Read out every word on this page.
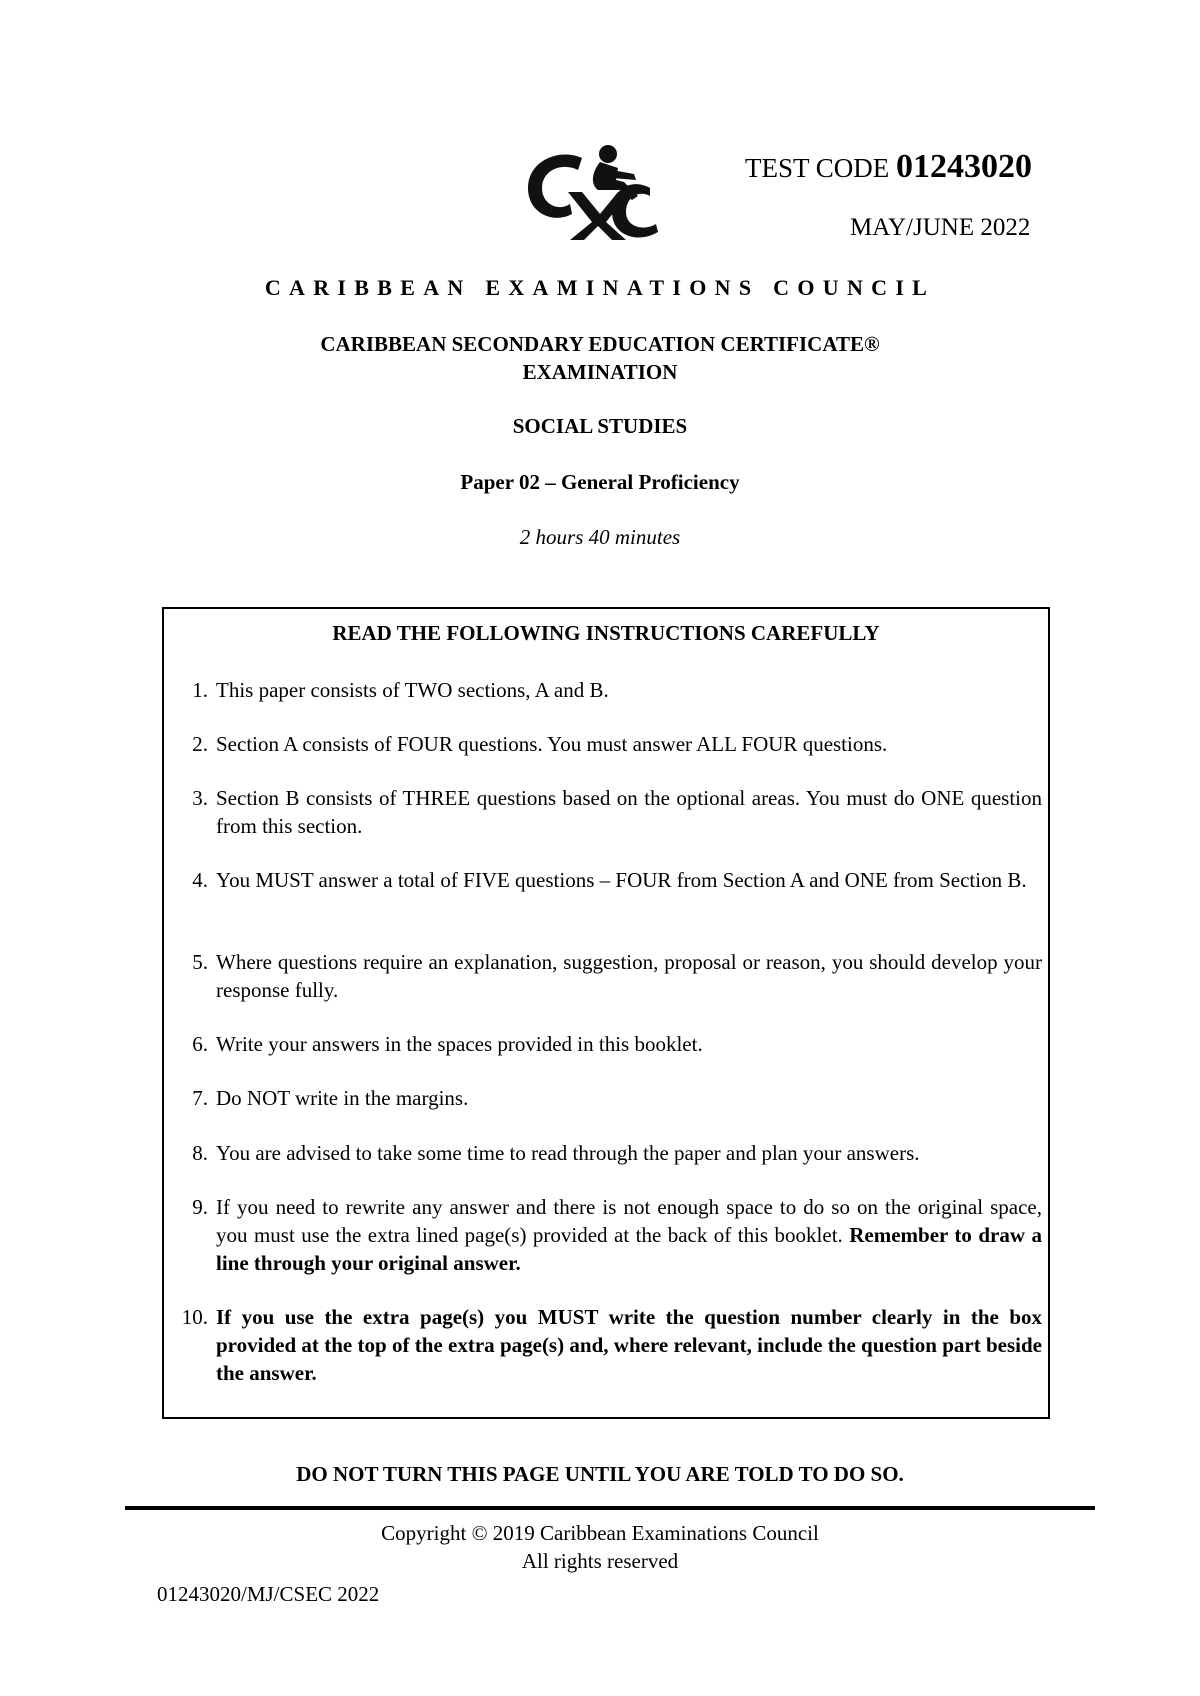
TEST CODE 01243020
MAY/JUNE 2022
CARIBBEAN EXAMINATIONS COUNCIL
CARIBBEAN SECONDARY EDUCATION CERTIFICATE®
EXAMINATION
SOCIAL STUDIES
Paper 02 – General Proficiency
2 hours 40 minutes
READ THE FOLLOWING INSTRUCTIONS CAREFULLY
1. This paper consists of TWO sections, A and B.
2. Section A consists of FOUR questions. You must answer ALL FOUR questions.
3. Section B consists of THREE questions based on the optional areas. You must do ONE question from this section.
4. You MUST answer a total of FIVE questions – FOUR from Section A and ONE from Section B.
5. Where questions require an explanation, suggestion, proposal or reason, you should develop your response fully.
6. Write your answers in the spaces provided in this booklet.
7. Do NOT write in the margins.
8. You are advised to take some time to read through the paper and plan your answers.
9. If you need to rewrite any answer and there is not enough space to do so on the original space, you must use the extra lined page(s) provided at the back of this booklet. Remember to draw a line through your original answer.
10. If you use the extra page(s) you MUST write the question number clearly in the box provided at the top of the extra page(s) and, where relevant, include the question part beside the answer.
DO NOT TURN THIS PAGE UNTIL YOU ARE TOLD TO DO SO.
Copyright © 2019 Caribbean Examinations Council
All rights reserved
01243020/MJ/CSEC 2022
